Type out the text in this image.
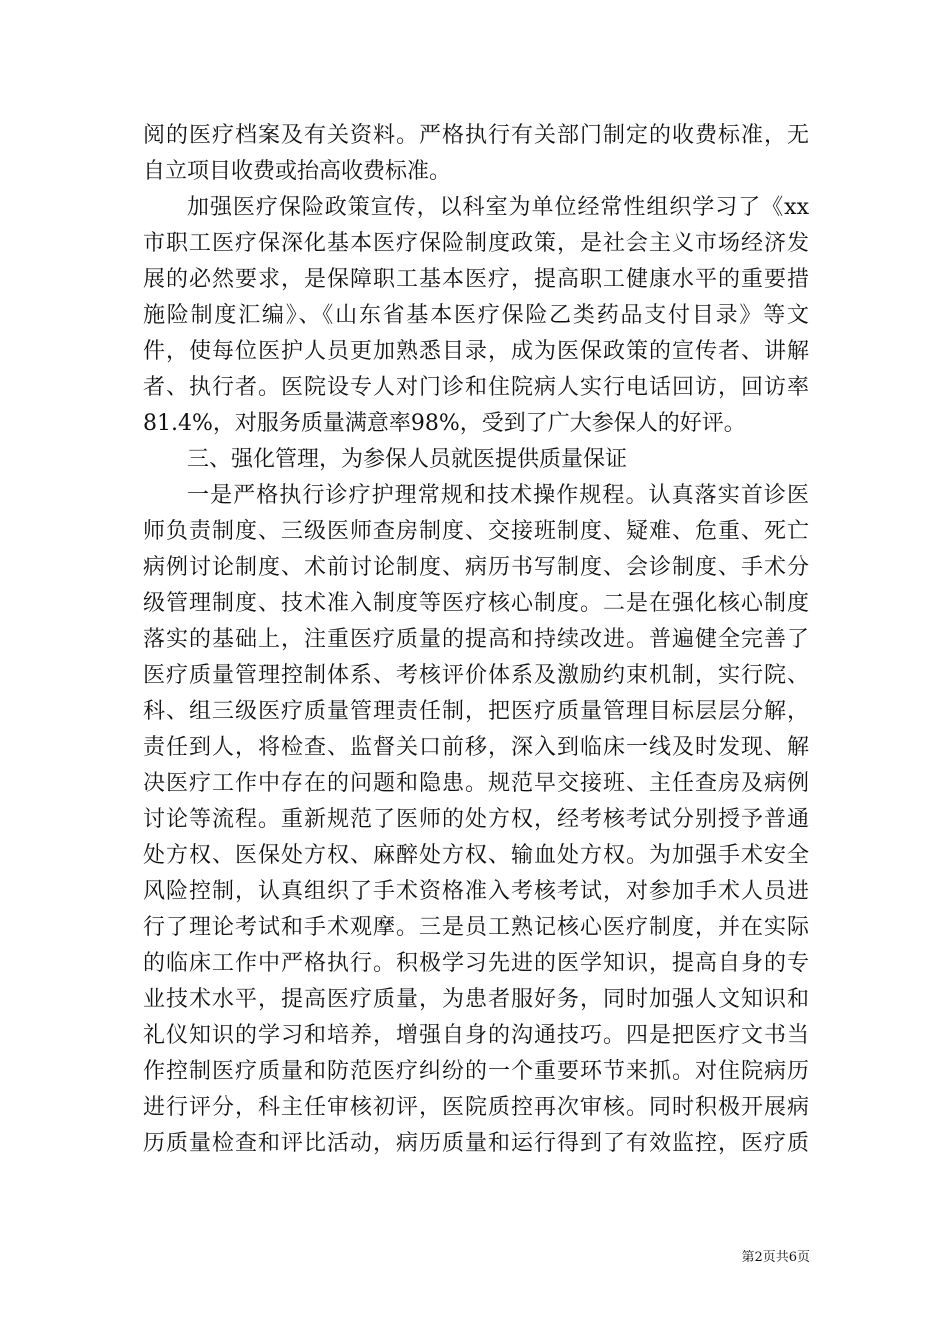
阅的医疗档案及有关资料。严格执行有关部门制定的收费标准，无
自立项目收费或抬高收费标准。
加强医疗保险政策宣传，以科室为单位经常性组织学习了《xx
市职工医疗保深化基本医疗保险制度政策，是社会主义市场经济发
展的必然要求，是保障职工基本医疗，提高职工健康水平的重要措
施险制度汇编》、《山东省基本医疗保险乙类药品支付目录》等文
件，使每位医护人员更加熟悉目录，成为医保政策的宣传者、讲解
者、执行者。医院设专人对门诊和住院病人实行电话回访，回访率
81.4%，对服务质量满意率98%，受到了广大参保人的好评。
三、强化管理，为参保人员就医提供质量保证
一是严格执行诊疗护理常规和技术操作规程。认真落实首诊医
师负责制度、三级医师查房制度、交接班制度、疑难、危重、死亡
病例讨论制度、术前讨论制度、病历书写制度、会诊制度、手术分
级管理制度、技术准入制度等医疗核心制度。二是在强化核心制度
落实的基础上，注重医疗质量的提高和持续改进。普遍健全完善了
医疗质量管理控制体系、考核评价体系及激励约束机制，实行院、
科、组三级医疗质量管理责任制，把医疗质量管理目标层层分解，
责任到人，将检查、监督关口前移，深入到临床一线及时发现、解
决医疗工作中存在的问题和隐患。规范早交接班、主任查房及病例
讨论等流程。重新规范了医师的处方权，经考核考试分别授予普通
处方权、医保处方权、麻醉处方权、输血处方权。为加强手术安全
风险控制，认真组织了手术资格准入考核考试，对参加手术人员进
行了理论考试和手术观摩。三是员工熟记核心医疗制度，并在实际
的临床工作中严格执行。积极学习先进的医学知识，提高自身的专
业技术水平，提高医疗质量，为患者服好务，同时加强人文知识和
礼仪知识的学习和培养，增强自身的沟通技巧。四是把医疗文书当
作控制医疗质量和防范医疗纠纷的一个重要环节来抓。对住院病历
进行评分，科主任审核初评，医院质控再次审核。同时积极开展病
历质量检查和评比活动，病历质量和运行得到了有效监控，医疗质
第2页共6页
